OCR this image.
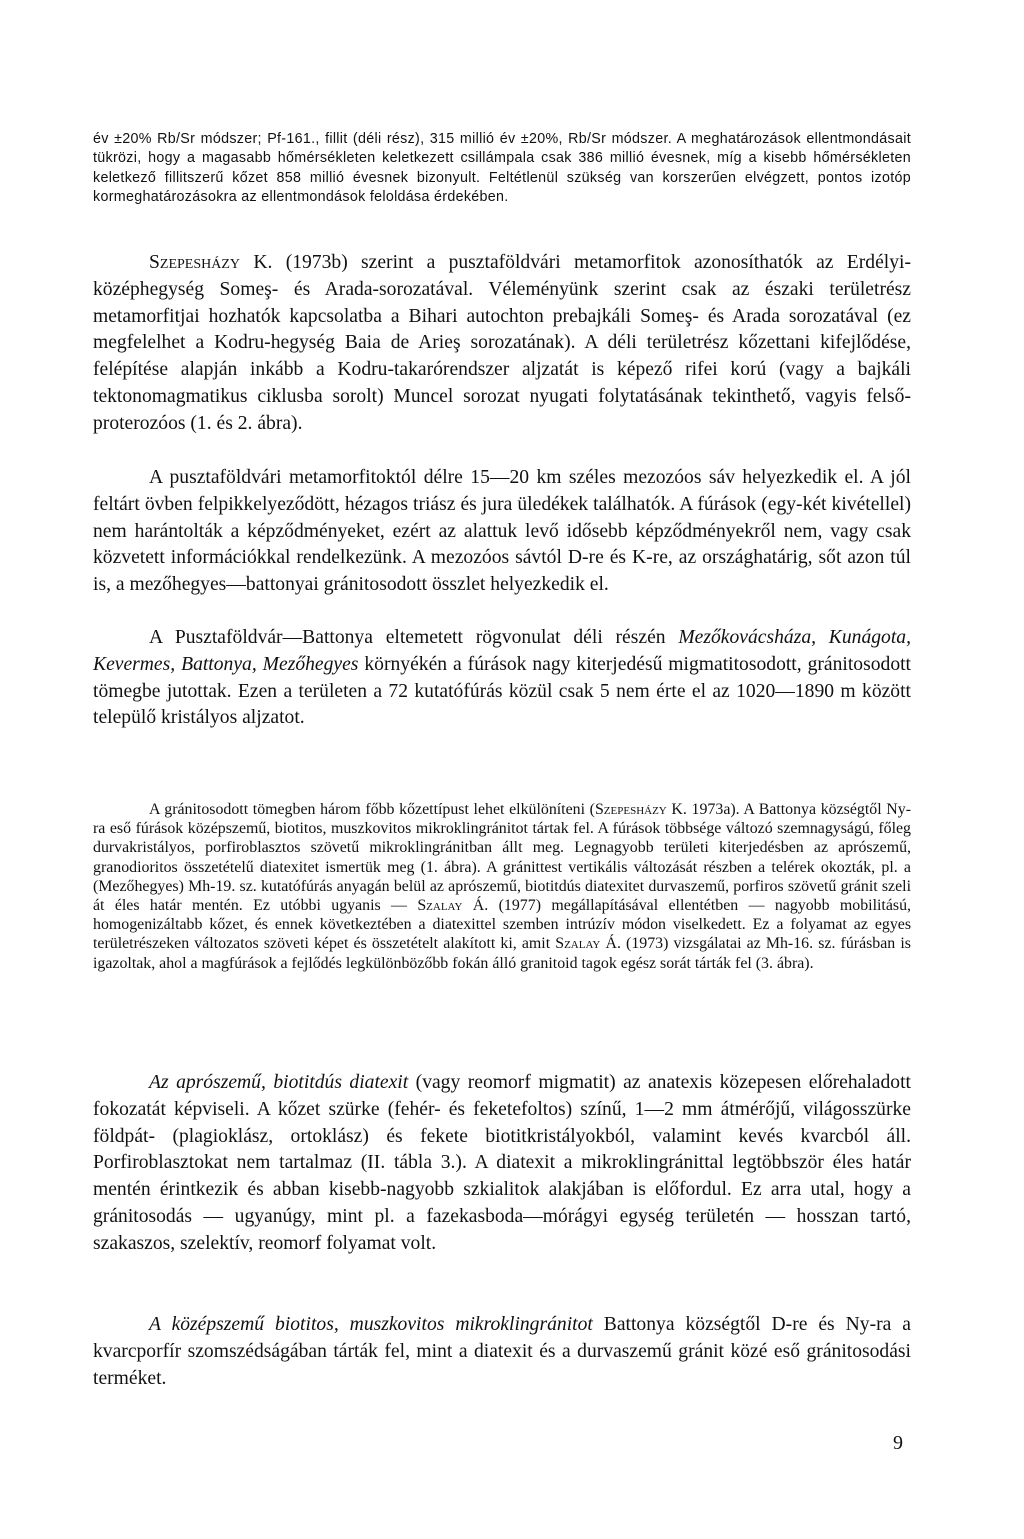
év ±20% Rb/Sr módszer; Pf-161., fillit (déli rész), 315 millió év ±20%, Rb/Sr módszer. A meghatározások ellentmondásait tükrözi, hogy a magasabb hőmérsékleten keletkezett csillámpala csak 386 millió évesnek, míg a kisebb hőmérsékleten keletkező fillitszerű kőzet 858 millió évesnek bizonyult. Feltétlenül szükség van korszerűen elvégzett, pontos izotóp kormeghatározásokra az ellentmondások feloldása érdekében.

Szepesházy K. (1973b) szerint a pusztaföldvári metamorfitok azonosíthatók az Erdélyi-középhegység Someş- és Arada-sorozatával. Véleményünk szerint csak az északi területrész metamorfitjai hozhatók kapcsolatba a Bihari autochton prebajkáli Someş- és Arada sorozatával (ez megfelelhet a Kodru-hegység Baia de Arieş sorozatának). A déli területrész kőzettani kifejlődése, felépítése alapján inkább a Kodru-takarórendszer aljzatát is képező rifei korú (vagy a bajkáli tektonomagmatikus ciklusba sorolt) Muncel sorozat nyugati folytatásának tekinthető, vagyis felső-proterozóos (1. és 2. ábra).

A pusztaföldvári metamorfitoktól délre 15—20 km széles mezozóos sáv helyezkedik el. A jól feltárt övben felpikkelyeződött, hézagos triász és jura üledékek találhatók. A fúrások (egy-két kivétellel) nem harántolták a képződményeket, ezért az alattuk levő idősebb képződményekről nem, vagy csak közvetett információkkal rendelkezünk. A mezozóos sávtól D-re és K-re, az országhatárig, sőt azon túl is, a mezőhegyes—battonyai gránitosodott összlet helyezkedik el.

A Pusztaföldvár—Battonya eltemetett rögvonulat déli részén Mezőkovácsháza, Kunágota, Kevermes, Battonya, Mezőhegyes környékén a fúrások nagy kiterjedésű migmatitosodott, gránitosodott tömegbe jutottak. Ezen a területen a 72 kutatófúrás közül csak 5 nem érte el az 1020—1890 m között települő kristályos aljzatot.

A gránitosodott tömegben három főbb kőzettípust lehet elkülöníteni (Szepesházy K. 1973a). A Battonya községtől Ny-ra eső fúrások középszemű, biotitos, muszkovitos mikroklingránitot tártak fel. A fúrások többsége változó szemnagyságú, főleg durvakristályos, porfiroblasztos szövetű mikroklingránitban állt meg. Legnagyobb területi kiterjedésben az aprószemű, granodioritos összetételű diatexitet ismertük meg (1. ábra). A gránittest vertikális változását részben a telérek okozták, pl. a (Mezőhegyes) Mh-19. sz. kutatófúrás anyagán belül az aprószemű, biotitdús diatexitet durvaszemű, porfiros szövetű gránit szeli át éles határ mentén. Ez utóbbi ugyanis — Szalay Á. (1977) megállapításával ellentétben — nagyobb mobilitású, homogenizáltabb kőzet, és ennek következtében a diatexittel szemben intrúzív módon viselkedett. Ez a folyamat az egyes területrészeken változatos szöveti képet és összetételt alakított ki, amit Szalay Á. (1973) vizsgálatai az Mh-16. sz. fúrásban is igazoltak, ahol a magfúrások a fejlődés legkülönbözőbb fokán álló granitoid tagok egész sorát tárták fel (3. ábra).

Az aprószemű, biotitdús diatexit (vagy reomorf migmatit) az anatexis közepesen előrehaladott fokozatát képviseli. A kőzet szürke (fehér- és feketefoltos) színű, 1—2 mm átmérőjű, világosszürke földpát- (plagioklász, ortoklász) és fekete biotitkristályokból, valamint kevés kvarcból áll. Porfiroblasztokat nem tartalmaz (II. tábla 3.). A diatexit a mikroklingránittal legtöbbször éles határ mentén érintkezik és abban kisebb-nagyobb szkialitok alakjában is előfordul. Ez arra utal, hogy a gránitosodás — ugyanúgy, mint pl. a fazekasboda—mórágyi egység területén — hosszan tartó, szakaszos, szelektív, reomorf folyamat volt.

A középszemű biotitos, muszkovitos mikroklingránitot Battonya községtől D-re és Ny-ra a kvarcporfír szomszédságában tárták fel, mint a diatexit és a durvaszemű gránit közé eső gránitosodási terméket.

9
